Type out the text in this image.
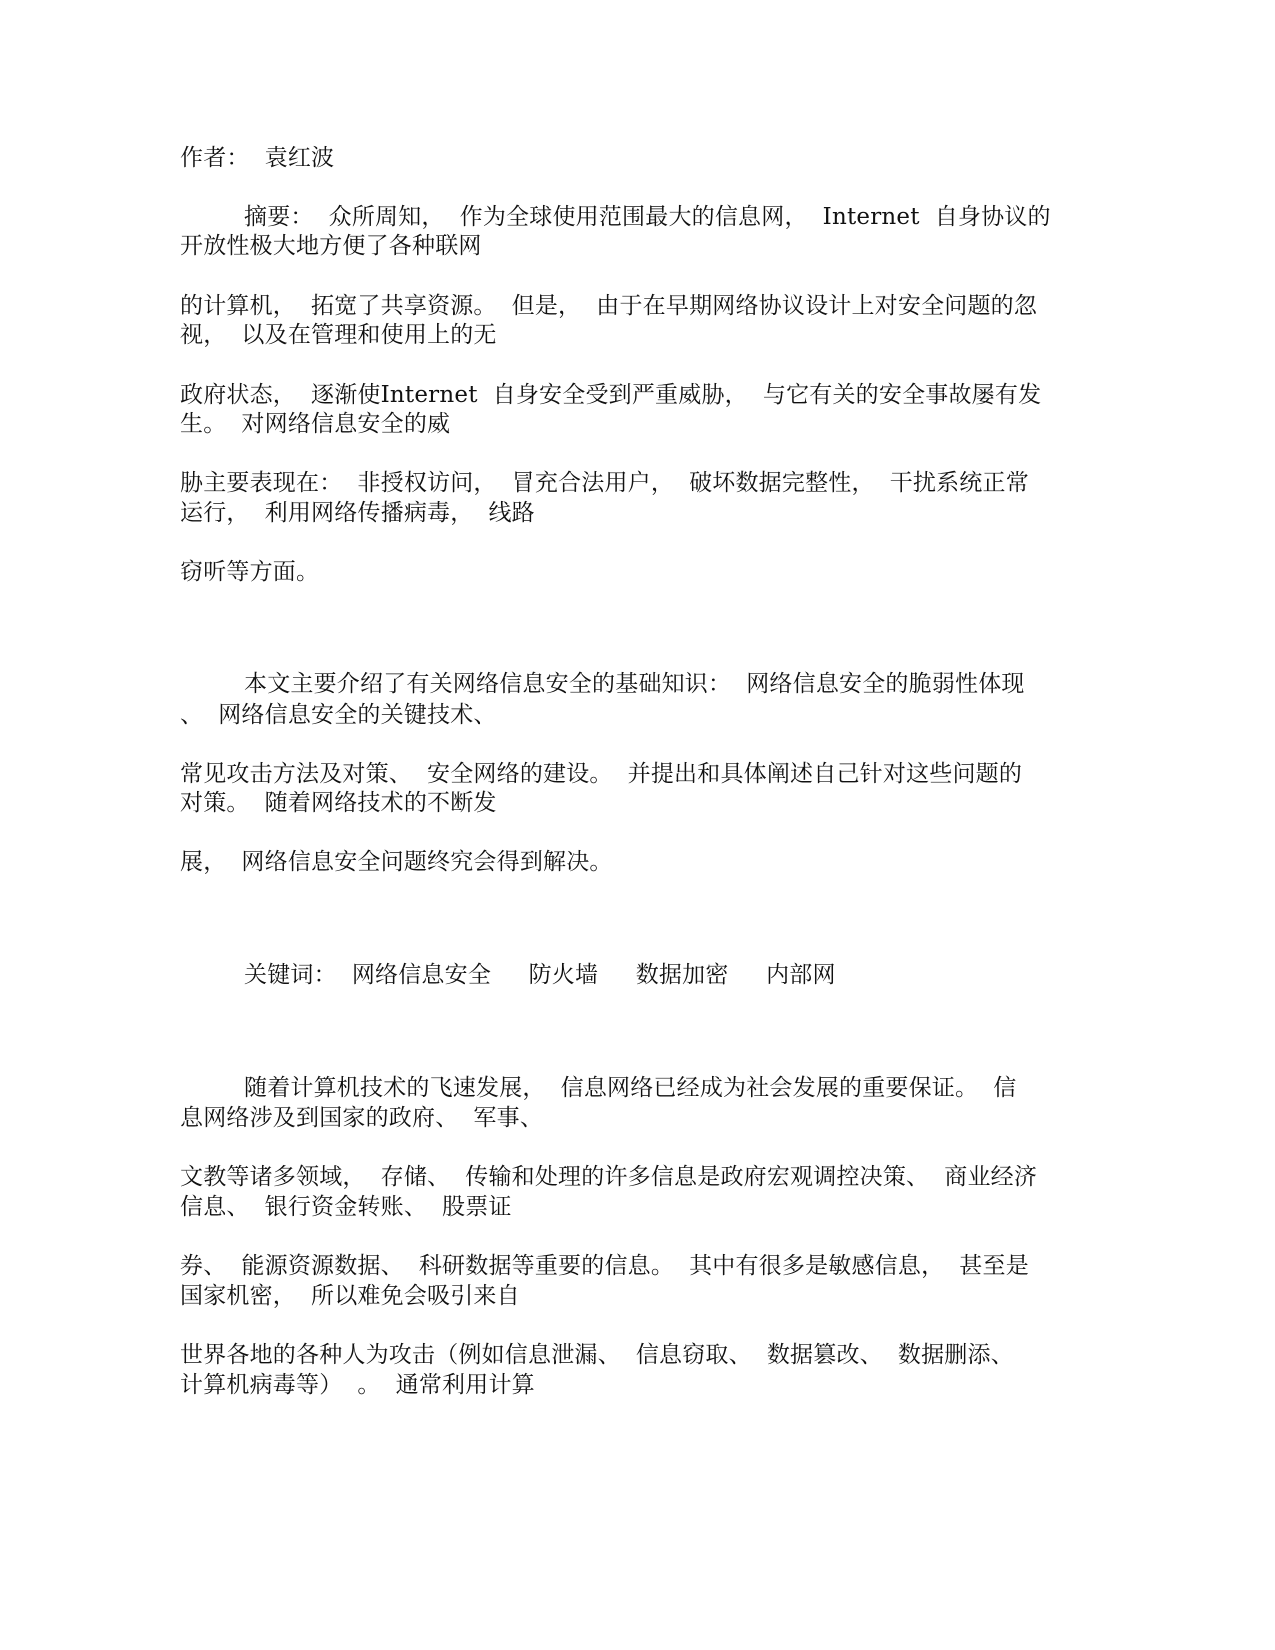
作者：  袁红波
摘要：  众所周知，  作为全球使用范围最大的信息网，  Internet  自身协议的
开放性极大地方便了各种联网
的计算机，  拓宽了共享资源。  但是，  由于在早期网络协议设计上对安全问题的忽
视，  以及在管理和使用上的无
政府状态，  逐渐使Internet  自身安全受到严重威胁，  与它有关的安全事故屡有发
生。  对网络信息安全的威
胁主要表现在：  非授权访问，  冒充合法用户，  破坏数据完整性，  干扰系统正常
运行，  利用网络传播病毒，  线路
窃听等方面。
本文主要介绍了有关网络信息安全的基础知识：  网络信息安全的脆弱性体现
、  网络信息安全的关键技术、
常见攻击方法及对策、  安全网络的建设。  并提出和具体阐述自己针对这些问题的
对策。  随着网络技术的不断发
展，  网络信息安全问题终究会得到解决。
关键词：  网络信息安全     防火墙     数据加密     内部网
随着计算机技术的飞速发展，  信息网络已经成为社会发展的重要保证。  信
息网络涉及到国家的政府、  军事、
文教等诸多领域，  存储、  传输和处理的许多信息是政府宏观调控决策、  商业经济
信息、  银行资金转账、  股票证
券、  能源资源数据、  科研数据等重要的信息。  其中有很多是敏感信息，  甚至是
国家机密，  所以难免会吸引来自
世界各地的各种人为攻击（例如信息泄漏、  信息窃取、  数据篡改、  数据删添、
计算机病毒等）  。  通常利用计算
